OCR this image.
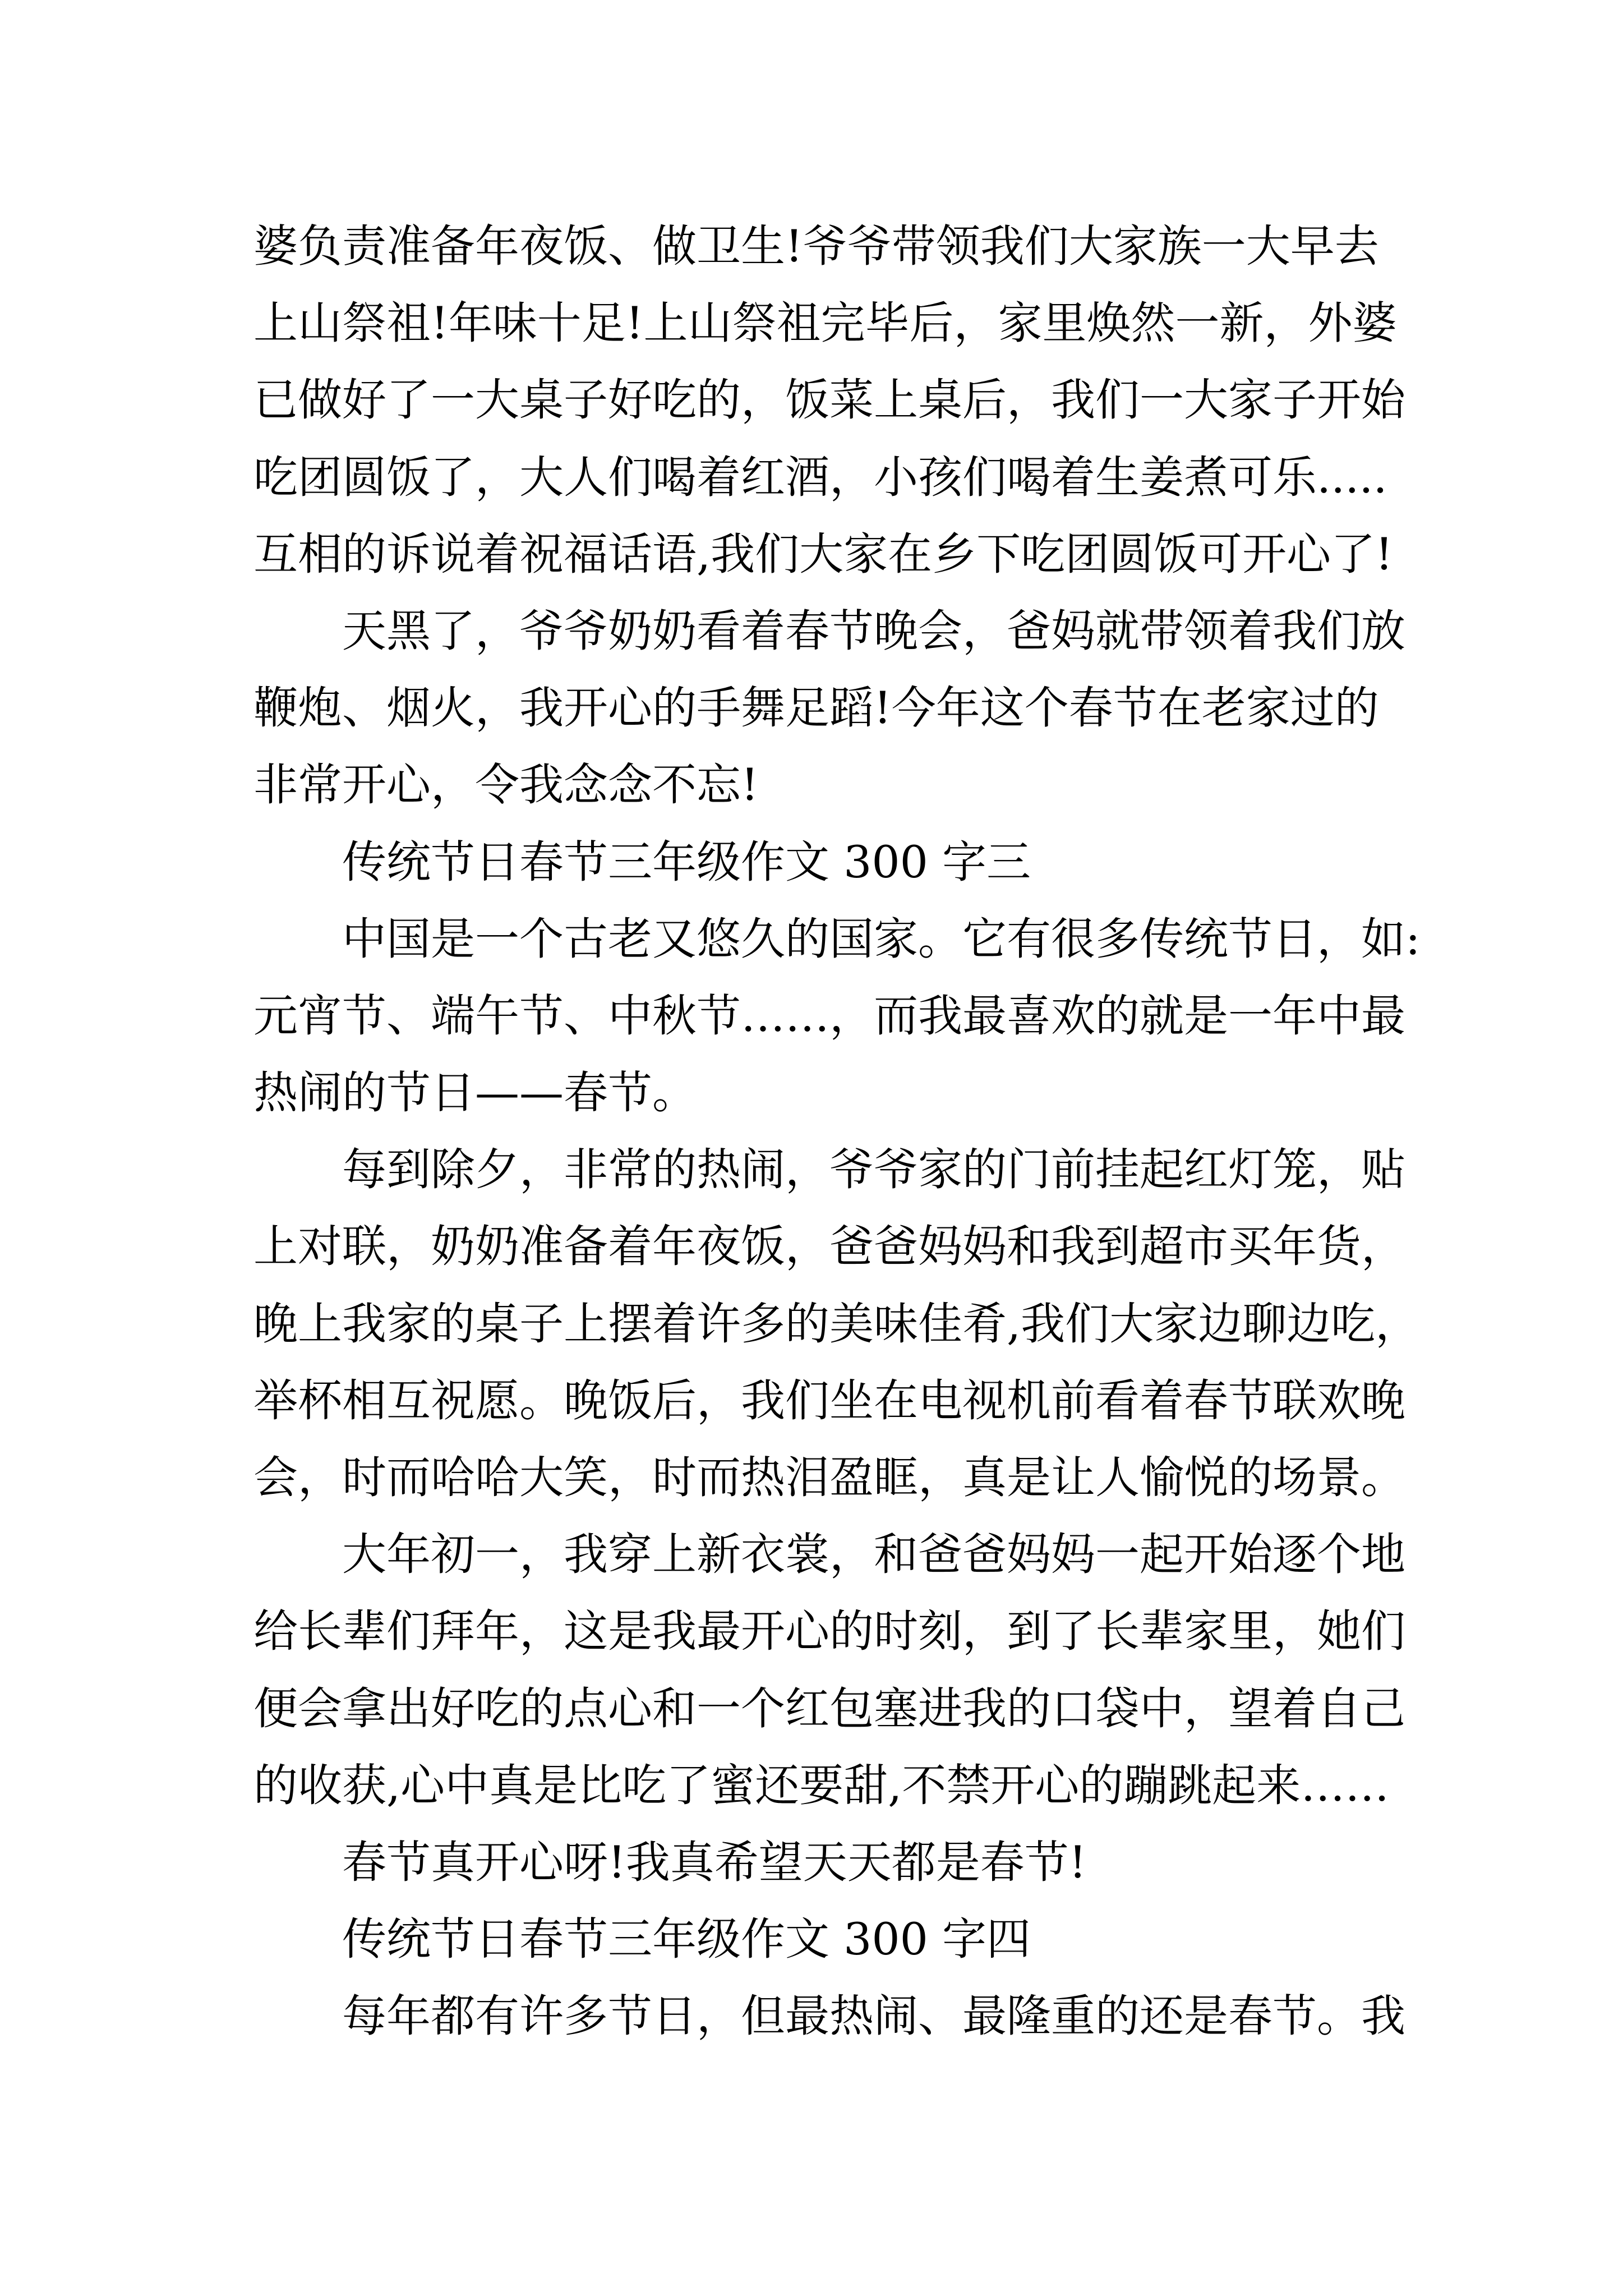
婆负责准备年夜饭、做卫生!爷爷带领我们大家族一大早去
上山祭祖!年味十足!上山祭祖完毕后，家里焕然一新，外婆
已做好了一大桌子好吃的，饭菜上桌后，我们一大家子开始
吃团圆饭了，大人们喝着红酒，小孩们喝着生姜煮可乐.....
互相的诉说着祝福话语,我们大家在乡下吃团圆饭可开心了!
天黑了，爷爷奶奶看着春节晚会，爸妈就带领着我们放
鞭炮、烟火，我开心的手舞足蹈!今年这个春节在老家过的
非常开心，令我念念不忘!
传统节日春节三年级作文 300 字三
中国是一个古老又悠久的国家。它有很多传统节日，如:
元宵节、端午节、中秋节……，而我最喜欢的就是一年中最
热闹的节日——春节。
每到除夕，非常的热闹，爷爷家的门前挂起红灯笼，贴
上对联，奶奶准备着年夜饭，爸爸妈妈和我到超市买年货，
晚上我家的桌子上摆着许多的美味佳肴,我们大家边聊边吃，
举杯相互祝愿。晚饭后，我们坐在电视机前看着春节联欢晚
会，时而哈哈大笑，时而热泪盈眶，真是让人愉悦的场景。
大年初一，我穿上新衣裳，和爸爸妈妈一起开始逐个地
给长辈们拜年，这是我最开心的时刻，到了长辈家里，她们
便会拿出好吃的点心和一个红包塞进我的口袋中，望着自己
的收获,心中真是比吃了蜜还要甜,不禁开心的蹦跳起来……
春节真开心呀!我真希望天天都是春节!
传统节日春节三年级作文 300 字四
每年都有许多节日，但最热闹、最隆重的还是春节。我
